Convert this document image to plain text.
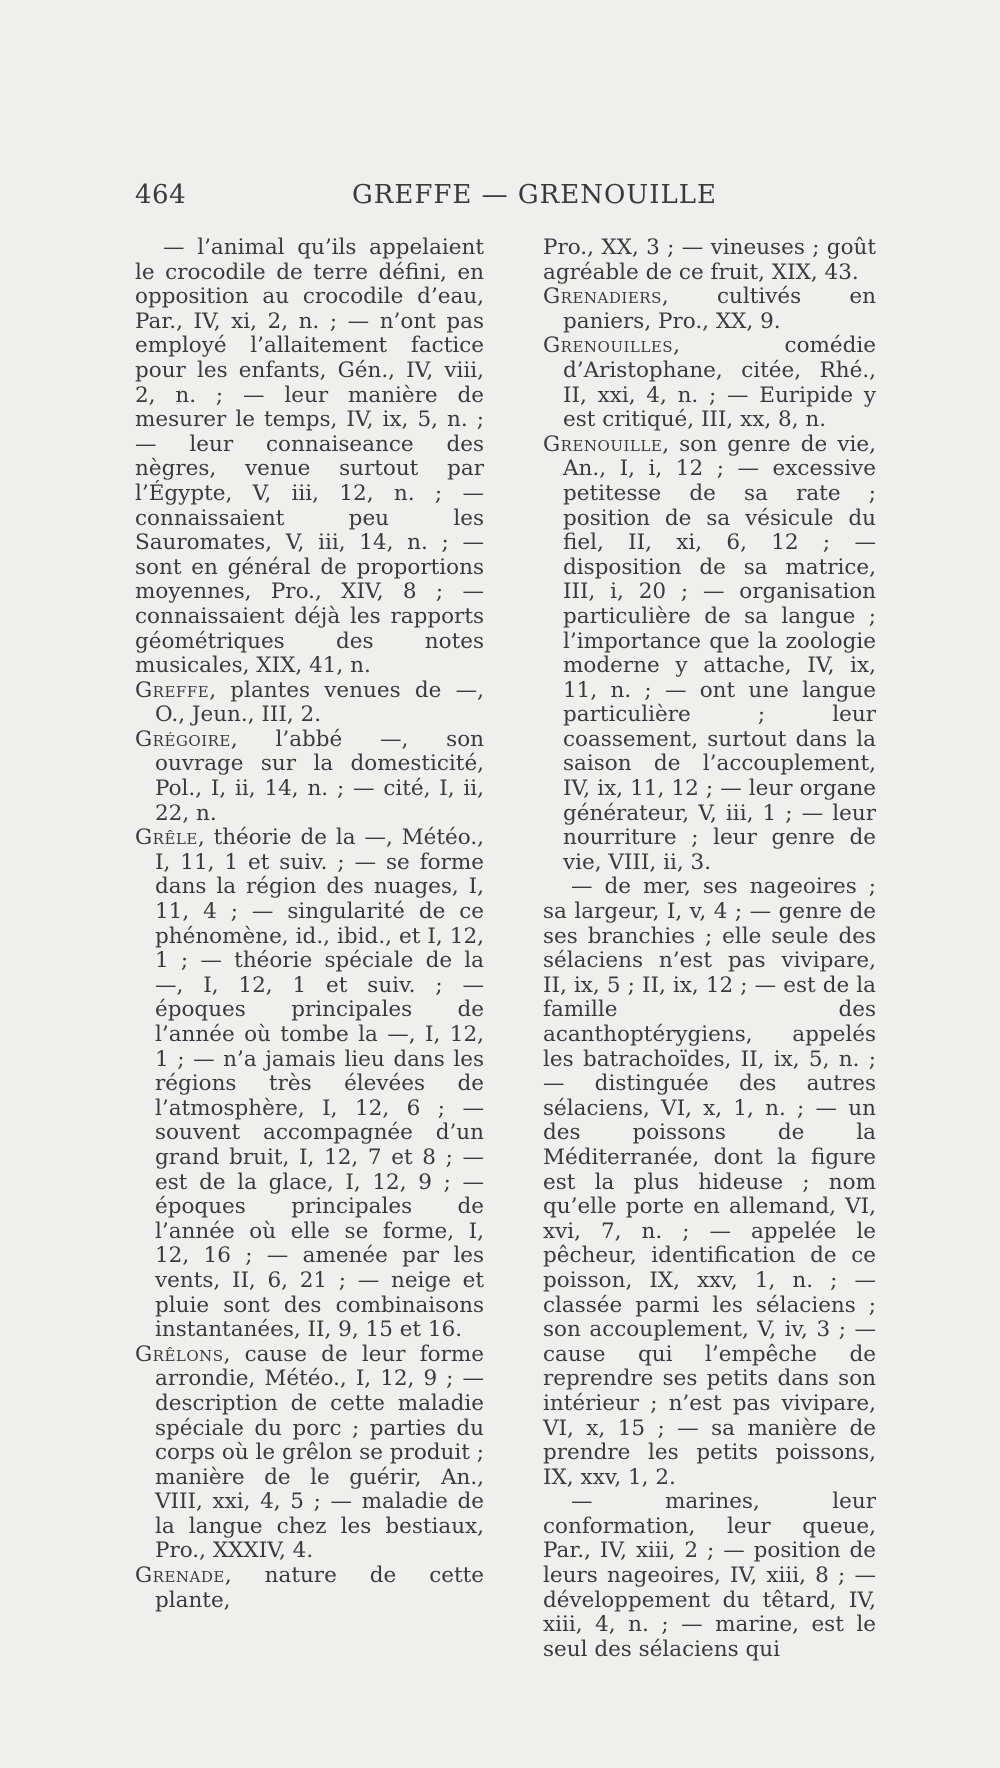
464	GREFFE — GRENOUILLE

— l’animal qu’ils appelaient le crocodile de terre défini, en opposition au crocodile d’eau, Par., IV, xi, 2, n. ; — n’ont pas employé l’allaitement factice pour les enfants, Gén., IV, viii, 2, n. ; — leur manière de mesurer le temps, IV, ix, 5, n. ; — leur connaiseance des nègres, venue surtout par l’Égypte, V, iii, 12, n. ; — connaissaient peu les Sauromates, V, iii, 14, n. ; — sont en général de proportions moyennes, Pro., XIV, 8 ; — connaissaient déjà les rapports géométriques des notes musicales, XIX, 41, n.

Greffe, plantes venues de —, O., Jeun., III, 2.

Grégoire, l’abbé —, son ouvrage sur la domesticité, Pol., I, ii, 14, n. ; — cité, I, ii, 22, n.

Grêle, théorie de la —, Météo., I, 11, 1 et suiv. ; — se forme dans la région des nuages, I, 11, 4 ; — singularité de ce phénomène, id., ibid., et I, 12, 1 ; — théorie spéciale de la —, I, 12, 1 et suiv. ; — époques principales de l’année où tombe la —, I, 12, 1 ; — n’a jamais lieu dans les régions très élevées de l’atmosphère, I, 12, 6 ; — souvent accompagnée d’un grand bruit, I, 12, 7 et 8 ; — est de la glace, I, 12, 9 ; — époques principales de l’année où elle se forme, I, 12, 16 ; — amenée par les vents, II, 6, 21 ; — neige et pluie sont des combinaisons instantanées, II, 9, 15 et 16.

Grêlons, cause de leur forme arrondie, Météo., I, 12, 9 ; — description de cette maladie spéciale du porc ; parties du corps où le grêlon se produit ; manière de le guérir, An., VIII, xxi, 4, 5 ; — maladie de la langue chez les bestiaux, Pro., XXXIV, 4.

Grenade, nature de cette plante,

Pro., XX, 3 ; — vineuses ; goût agréable de ce fruit, XIX, 43.

Grenadiers, cultivés en paniers, Pro., XX, 9.

Grenouilles, comédie d’Aristophane, citée, Rhé., II, xxi, 4, n. ; — Euripide y est critiqué, III, xx, 8, n.

Grenouille, son genre de vie, An., I, i, 12 ; — excessive petitesse de sa rate ; position de sa vésicule du fiel, II, xi, 6, 12 ; — disposition de sa matrice, III, i, 20 ; — organisation particulière de sa langue ; l’importance que la zoologie moderne y attache, IV, ix, 11, n. ; — ont une langue particulière ; leur coassement, surtout dans la saison de l’accouplement, IV, ix, 11, 12 ; — leur organe générateur, V, iii, 1 ; — leur nourriture ; leur genre de vie, VIII, ii, 3.

— de mer, ses nageoires ; sa largeur, I, v, 4 ; — genre de ses branchies ; elle seule des sélaciens n’est pas vivipare, II, ix, 5 ; II, ix, 12 ; — est de la famille des acanthoptérygiens, appelés les batrachoïdes, II, ix, 5, n. ; — distinguée des autres sélaciens, VI, x, 1, n. ; — un des poissons de la Méditerranée, dont la figure est la plus hideuse ; nom qu’elle porte en allemand, VI, xvi, 7, n. ; — appelée le pêcheur, identification de ce poisson, IX, xxv, 1, n. ; — classée parmi les sélaciens ; son accouplement, V, iv, 3 ; — cause qui l’empêche de reprendre ses petits dans son intérieur ; n’est pas vivipare, VI, x, 15 ; — sa manière de prendre les petits poissons, IX, xxv, 1, 2.

— marines, leur conformation, leur queue, Par., IV, xiii, 2 ; — position de leurs nageoires, IV, xiii, 8 ; — développement du têtard, IV, xiii, 4, n. ; — marine, est le seul des sélaciens qui
